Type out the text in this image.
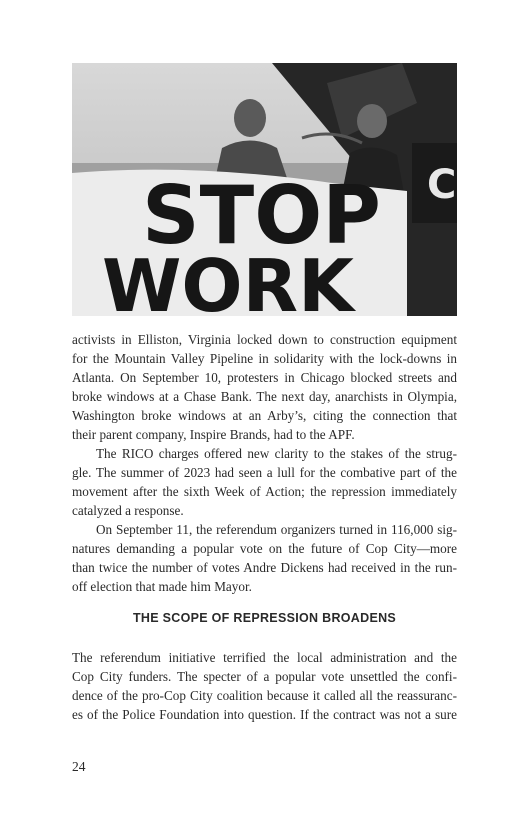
STOP
WORK
C
activists in Elliston, Virginia locked down to construction equipment
for the Mountain Valley Pipeline in solidarity with the lock-downs in
Atlanta. On September 10, protesters in Chicago blocked streets and
broke windows at a Chase Bank. The next day, anarchists in Olympia,
Washington broke windows at an Arby’s, citing the connection that
their parent company, Inspire Brands, had to the APF.
The RICO charges offered new clarity to the stakes of the strug-
gle. The summer of 2023 had seen a lull for the combative part of the
movement after the sixth Week of Action; the repression immediately
catalyzed a response.
On September 11, the referendum organizers turned in 116,000 sig-
natures demanding a popular vote on the future of Cop City—more
than twice the number of votes Andre Dickens had received in the run-
off election that made him Mayor.
THE SCOPE OF REPRESSION BROADENS
The referendum initiative terrified the local administration and the
Cop City funders. The specter of a popular vote unsettled the confi-
dence of the pro-Cop City coalition because it called all the reassuranc-
es of the Police Foundation into question. If the contract was not a sure
24
